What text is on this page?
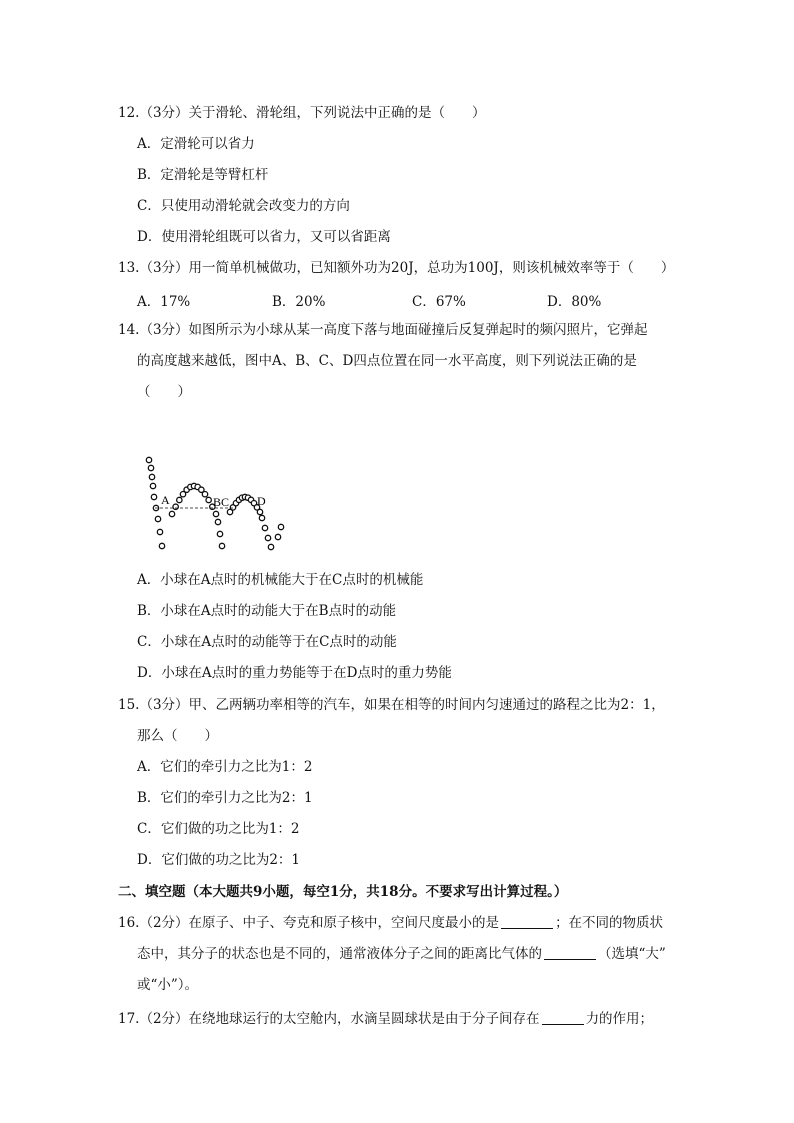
12.（3分）关于滑轮、滑轮组，下列说法中正确的是（　　）
A．定滑轮可以省力
B．定滑轮是等臂杠杆
C．只使用动滑轮就会改变力的方向
D．使用滑轮组既可以省力，又可以省距离
13.（3分）用一简单机械做功，已知额外功为20J，总功为100J，则该机械效率等于（　　）
A．17%	B．20%	C．67%	D．80%
14.（3分）如图所示为小球从某一高度下落与地面碰撞后反复弹起时的频闪照片，它弹起
的高度越来越低，图中A、B、C、D四点位置在同一水平高度，则下列说法正确的是
（　　）
A	BC D
A．小球在A点时的机械能大于在C点时的机械能
B．小球在A点时的动能大于在B点时的动能
C．小球在A点时的动能等于在C点时的动能
D．小球在A点时的重力势能等于在D点时的重力势能
15.（3分）甲、乙两辆功率相等的汽车，如果在相等的时间内匀速通过的路程之比为2：1，
那么（　　）
A．它们的牵引力之比为1：2
B．它们的牵引力之比为2：1
C．它们做的功之比为1：2
D．它们做的功之比为2：1
二、填空题（本大题共9小题，每空1分，共18分。不要求写出计算过程。）
16.（2分）在原子、中子、夸克和原子核中，空间尺度最小的是	；在不同的物质状
态中，其分子的状态也是不同的，通常液体分子之间的距离比气体的	（选填“大”
或“小”）。
17.（2分）在绕地球运行的太空舱内，水滴呈圆球状是由于分子间存在	力的作用；
